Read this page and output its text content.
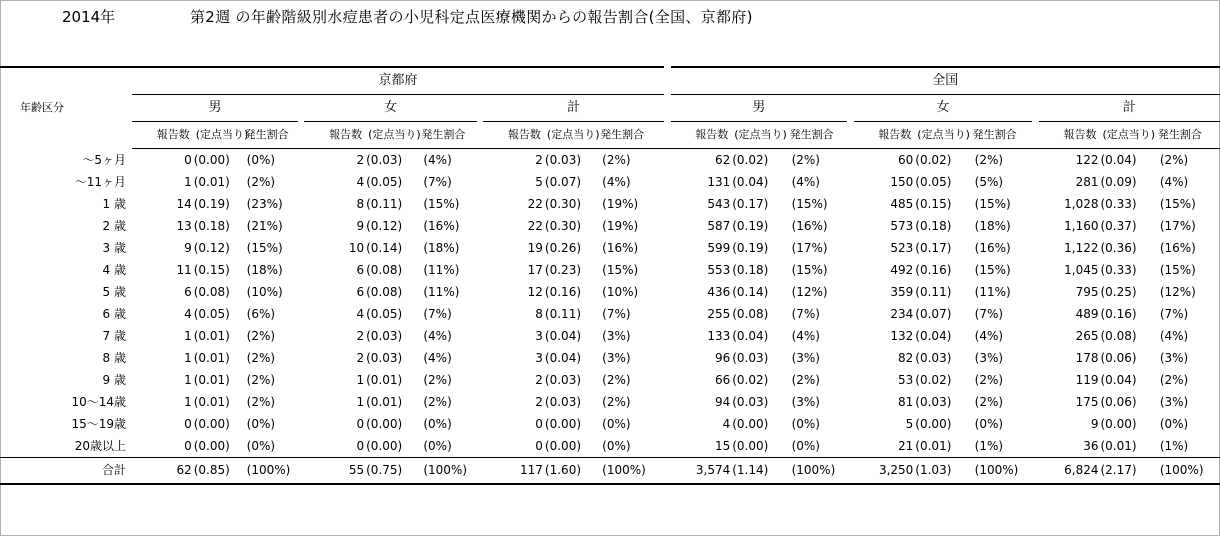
2014年	第2週 の年齢階級別水痘患者の小児科定点医療機関からの報告割合(全国、京都府)
年齢区分	京都府												全国										
	男				女				計				男				女				計		
	報告数	(定点当り)	発生割合		報告数	(定点当り)	発生割合		報告数	(定点当り)	発生割合		報告数	(定点当り)	発生割合		報告数	(定点当り)	発生割合		報告数	(定点当り)	発生割合
～5ヶ月	0	(0.00)	(0%)		2	(0.03)	(4%)		2	(0.03)	(2%)		62	(0.02)	(2%)		60	(0.02)	(2%)		122	(0.04)	(2%)
～11ヶ月	1	(0.01)	(2%)		4	(0.05)	(7%)		5	(0.07)	(4%)		131	(0.04)	(4%)		150	(0.05)	(5%)		281	(0.09)	(4%)
1 歳	14	(0.19)	(23%)		8	(0.11)	(15%)		22	(0.30)	(19%)		543	(0.17)	(15%)		485	(0.15)	(15%)		1,028	(0.33)	(15%)
2 歳	13	(0.18)	(21%)		9	(0.12)	(16%)		22	(0.30)	(19%)		587	(0.19)	(16%)		573	(0.18)	(18%)		1,160	(0.37)	(17%)
3 歳	9	(0.12)	(15%)		10	(0.14)	(18%)		19	(0.26)	(16%)		599	(0.19)	(17%)		523	(0.17)	(16%)		1,122	(0.36)	(16%)
4 歳	11	(0.15)	(18%)		6	(0.08)	(11%)		17	(0.23)	(15%)		553	(0.18)	(15%)		492	(0.16)	(15%)		1,045	(0.33)	(15%)
5 歳	6	(0.08)	(10%)		6	(0.08)	(11%)		12	(0.16)	(10%)		436	(0.14)	(12%)		359	(0.11)	(11%)		795	(0.25)	(12%)
6 歳	4	(0.05)	(6%)		4	(0.05)	(7%)		8	(0.11)	(7%)		255	(0.08)	(7%)		234	(0.07)	(7%)		489	(0.16)	(7%)
7 歳	1	(0.01)	(2%)		2	(0.03)	(4%)		3	(0.04)	(3%)		133	(0.04)	(4%)		132	(0.04)	(4%)		265	(0.08)	(4%)
8 歳	1	(0.01)	(2%)		2	(0.03)	(4%)		3	(0.04)	(3%)		96	(0.03)	(3%)		82	(0.03)	(3%)		178	(0.06)	(3%)
9 歳	1	(0.01)	(2%)		1	(0.01)	(2%)		2	(0.03)	(2%)		66	(0.02)	(2%)		53	(0.02)	(2%)		119	(0.04)	(2%)
10～14歳	1	(0.01)	(2%)		1	(0.01)	(2%)		2	(0.03)	(2%)		94	(0.03)	(3%)		81	(0.03)	(2%)		175	(0.06)	(3%)
15～19歳	0	(0.00)	(0%)		0	(0.00)	(0%)		0	(0.00)	(0%)		4	(0.00)	(0%)		5	(0.00)	(0%)		9	(0.00)	(0%)
20歳以上	0	(0.00)	(0%)		0	(0.00)	(0%)		0	(0.00)	(0%)		15	(0.00)	(0%)		21	(0.01)	(1%)		36	(0.01)	(1%)
合計	62	(0.85)	(100%)		55	(0.75)	(100%)		117	(1.60)	(100%)		3,574	(1.14)	(100%)		3,250	(1.03)	(100%)		6,824	(2.17)	(100%)
